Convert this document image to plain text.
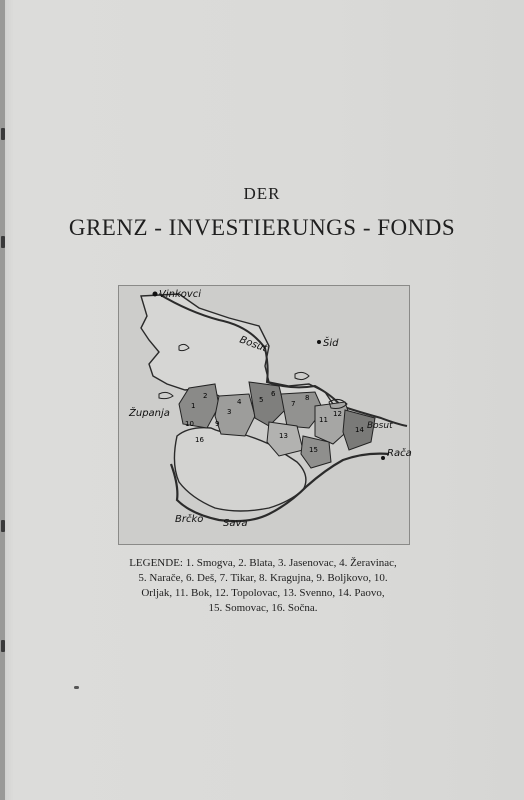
DER
GRENZ - INVESTIERUNGS - FONDS
Vinkovci
Bosut	Šid
Županja
Bosut
Rača
Brčko Sava
1
2
3
4	5
6
7
8
9
10	11
12
13
14
15
16
LEGENDE: 1. Smogva, 2. Blata, 3. Jasenovac, 4. Žeravinac,
5. Narače, 6. Deš, 7. Tikar, 8. Kragujna, 9. Boljkovo, 10.
Orljak, 11. Bok, 12. Topolovac, 13. Svenno, 14. Paovo,
15. Somovac, 16. Sočna.
